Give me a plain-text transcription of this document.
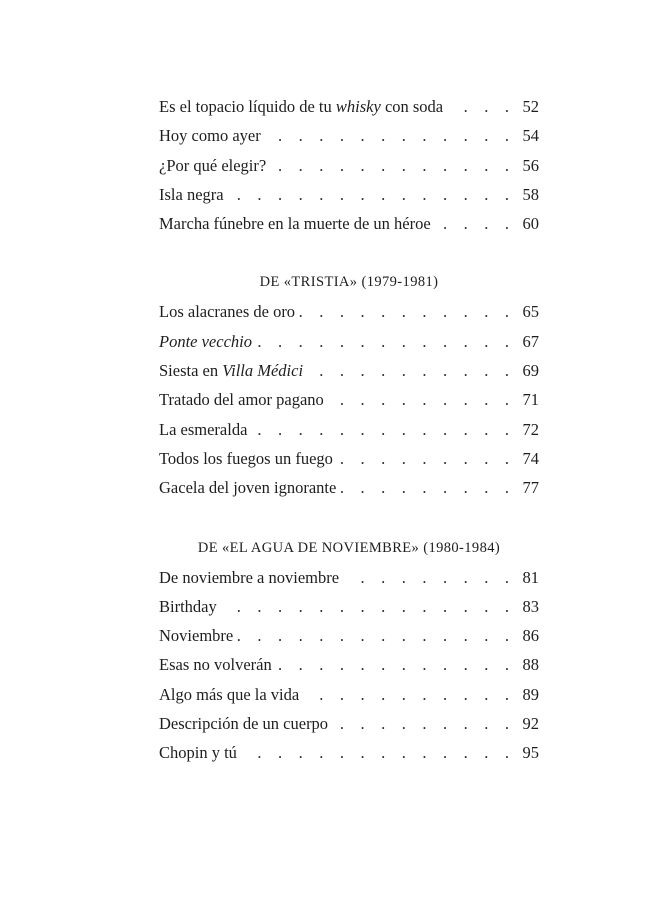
Es el topacio líquido de tu whisky con soda .	52
Hoy como ayer .	54
¿Por qué elegir? .	56
Isla negra .	58
Marcha fúnebre en la muerte de un héroe .	60
DE «TRISTIA» (1979-1981)
Los alacranes de oro .	65
Ponte vecchio .	67
Siesta en Villa Médici .	69
Tratado del amor pagano .	71
La esmeralda .	72
Todos los fuegos un fuego .	74
Gacela del joven ignorante .	77
DE «EL AGUA DE NOVIEMBRE» (1980-1984)
De noviembre a noviembre .	81
Birthday .	83
Noviembre .	86
Esas no volverán .	88
Algo más que la vida .	89
Descripción de un cuerpo .	92
Chopin y tú .	95
